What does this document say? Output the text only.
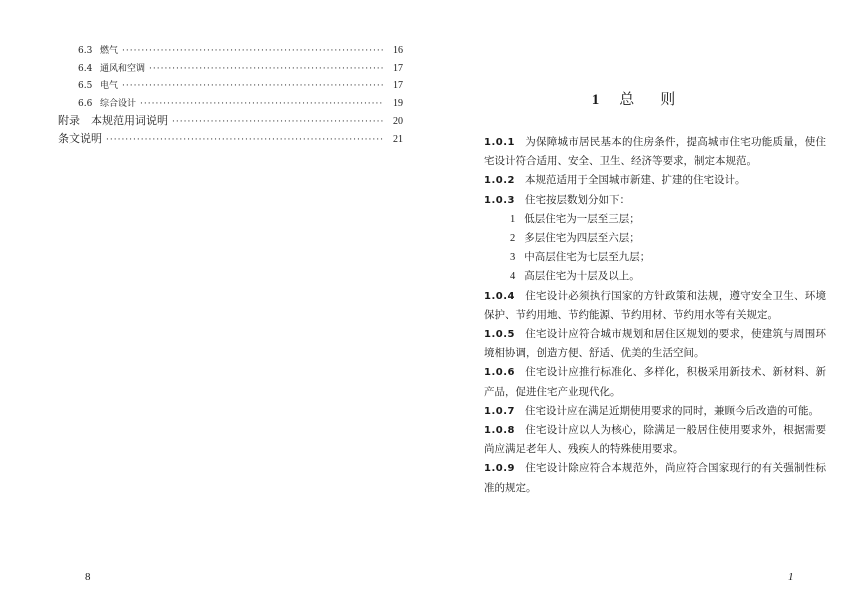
6.3 燃气 ·····	16
6.4 通风和空调 ·····	17
6.5 电气 ·····	17
6.6 综合设计 ·····	19
附录　本规范用词说明 ·····	20
条文说明 ·····	21
8
1 总则

1.0.1 为保障城市居民基本的住房条件，提高城市住宅功能质量，使住宅设计符合适用、安全、卫生、经济等要求，制定本规范。

1.0.2 本规范适用于全国城市新建、扩建的住宅设计。

1.0.3 住宅按层数划分如下：

1 低层住宅为一层至三层；

2 多层住宅为四层至六层；

3 中高层住宅为七层至九层；

4 高层住宅为十层及以上。

1.0.4 住宅设计必须执行国家的方针政策和法规，遵守安全卫生、环境保护、节约用地、节约能源、节约用材、节约用水等有关规定。

1.0.5 住宅设计应符合城市规划和居住区规划的要求，使建筑与周围环境相协调，创造方便、舒适、优美的生活空间。

1.0.6 住宅设计应推行标准化、多样化，积极采用新技术、新材料、新产品，促进住宅产业现代化。

1.0.7 住宅设计应在满足近期使用要求的同时，兼顾今后改造的可能。

1.0.8 住宅设计应以人为核心，除满足一般居住使用要求外，根据需要尚应满足老年人、残疾人的特殊使用要求。

1.0.9 住宅设计除应符合本规范外，尚应符合国家现行的有关强制性标准的规定。

1
